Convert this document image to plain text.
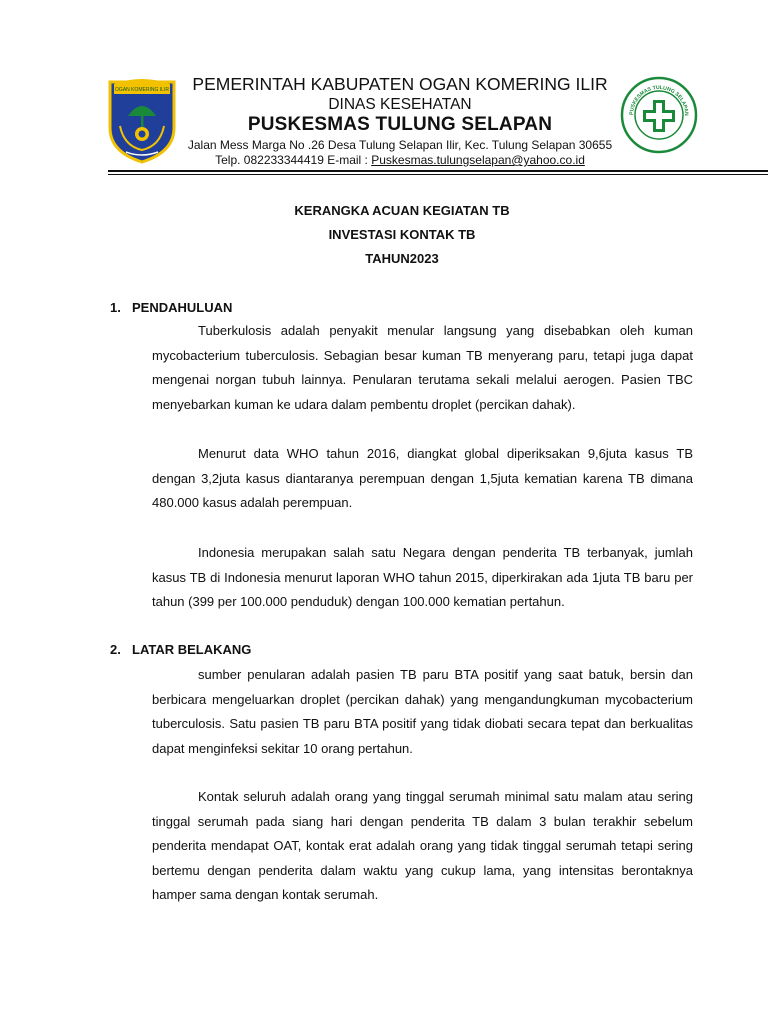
OGAN KOMERING ILIR	PEMERINTAH KABUPATEN OGAN KOMERING ILIR
DINAS KESEHATAN
PUSKESMAS TULUNG SELAPAN
Jalan Mess Marga No .26 Desa Tulung Selapan Ilir, Kec. Tulung Selapan 30655
Telp. 082233344419 E-mail : Puskesmas.tulungselapan@yahoo.co.id
PUSKESMAS TULUNG SELAPAN
KERANGKA ACUAN KEGIATAN TB
INVESTASI KONTAK TB
TAHUN2023
1. PENDAHULUAN

Tuberkulosis adalah penyakit menular langsung yang disebabkan oleh kuman mycobacterium tuberculosis. Sebagian besar kuman TB menyerang paru, tetapi juga dapat mengenai norgan tubuh lainnya. Penularan terutama sekali melalui aerogen. Pasien TBC menyebarkan kuman ke udara dalam pembentu droplet (percikan dahak).

Menurut data WHO tahun 2016, diangkat global diperiksakan 9,6juta kasus TB dengan 3,2juta kasus diantaranya perempuan dengan 1,5juta kematian karena TB dimana 480.000 kasus adalah perempuan.

Indonesia merupakan salah satu Negara dengan penderita TB terbanyak, jumlah kasus TB di Indonesia menurut laporan WHO tahun 2015, diperkirakan ada 1juta TB baru per tahun (399 per 100.000 penduduk) dengan 100.000 kematian pertahun.

2. LATAR BELAKANG

sumber penularan adalah pasien TB paru BTA positif yang saat batuk, bersin dan berbicara mengeluarkan droplet (percikan dahak) yang mengandungkuman mycobacterium tuberculosis. Satu pasien TB paru BTA positif yang tidak diobati secara tepat dan berkualitas dapat menginfeksi sekitar 10 orang pertahun.

Kontak seluruh adalah orang yang tinggal serumah minimal satu malam atau sering tinggal serumah pada siang hari dengan penderita TB dalam 3 bulan terakhir sebelum penderita mendapat OAT, kontak erat adalah orang yang tidak tinggal serumah tetapi sering bertemu dengan penderita dalam waktu yang cukup lama, yang intensitas berontaknya hamper sama dengan kontak serumah.
